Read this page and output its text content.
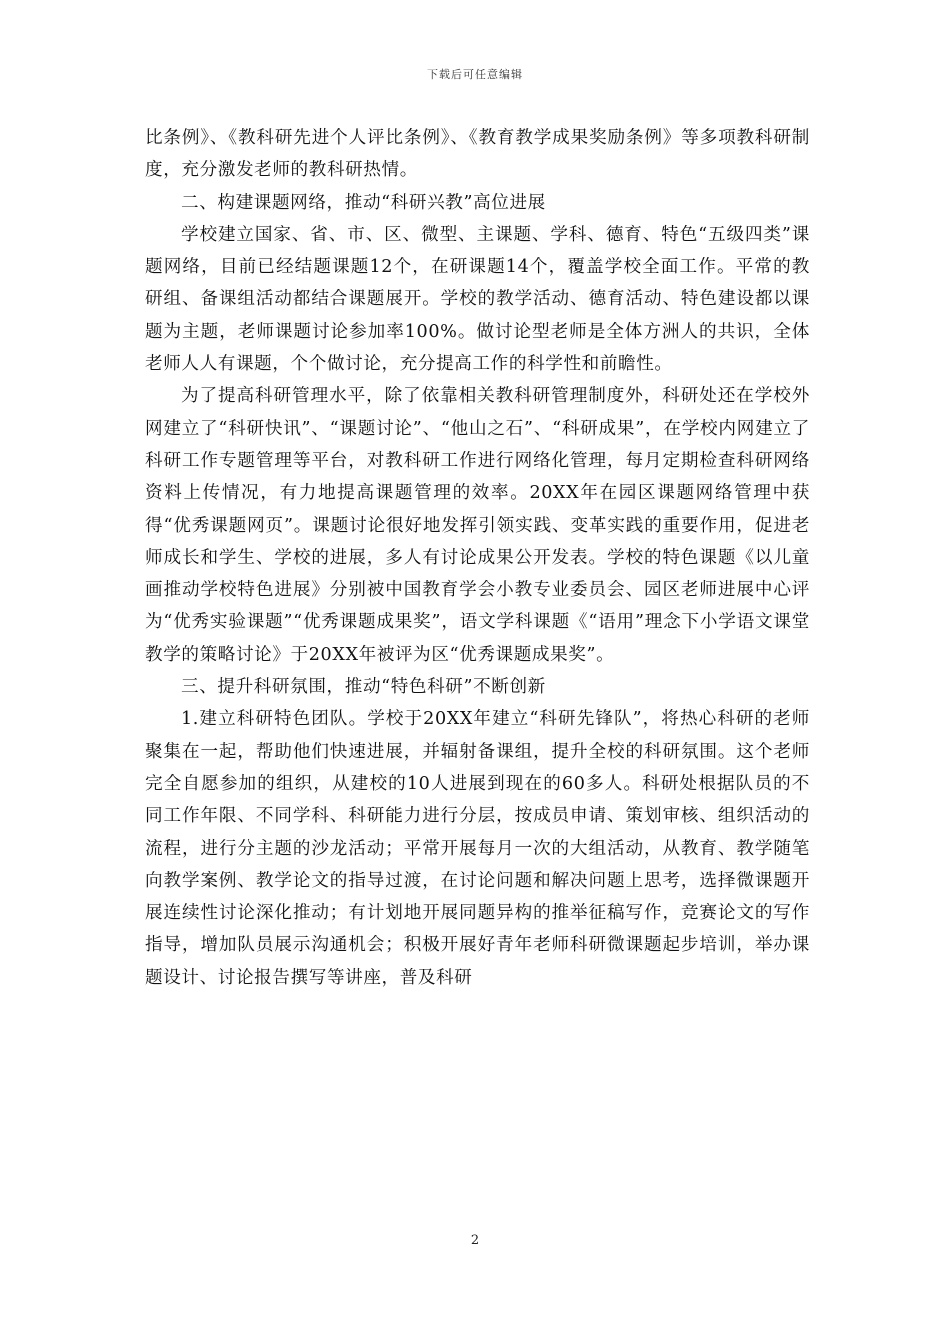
下载后可任意编辑

比条例》、《教科研先进个人评比条例》、《教育教学成果奖励条例》等多项教科研制度，充分激发老师的教科研热情。

二、构建课题网络，推动“科研兴教”高位进展

学校建立国家、省、市、区、微型、主课题、学科、德育、特色“五级四类”课题网络，目前已经结题课题12个，在研课题14个，覆盖学校全面工作。平常的教研组、备课组活动都结合课题展开。学校的教学活动、德育活动、特色建设都以课题为主题，老师课题讨论参加率100%。做讨论型老师是全体方洲人的共识，全体老师人人有课题，个个做讨论，充分提高工作的科学性和前瞻性。

为了提高科研管理水平，除了依靠相关教科研管理制度外，科研处还在学校外网建立了“科研快讯”、“课题讨论”、“他山之石”、“科研成果”，在学校内网建立了科研工作专题管理等平台，对教科研工作进行网络化管理，每月定期检查科研网络资料上传情况，有力地提高课题管理的效率。20XX年在园区课题网络管理中获得“优秀课题网页”。课题讨论很好地发挥引领实践、变革实践的重要作用，促进老师成长和学生、学校的进展，多人有讨论成果公开发表。学校的特色课题《以儿童画推动学校特色进展》分别被中国教育学会小教专业委员会、园区老师进展中心评为“优秀实验课题”“优秀课题成果奖”，语文学科课题《“语用”理念下小学语文课堂教学的策略讨论》于20XX年被评为区“优秀课题成果奖”。

三、提升科研氛围，推动“特色科研”不断创新

1.建立科研特色团队。学校于20XX年建立“科研先锋队”，将热心科研的老师聚集在一起，帮助他们快速进展，并辐射备课组，提升全校的科研氛围。这个老师完全自愿参加的组织，从建校的10人进展到现在的60多人。科研处根据队员的不同工作年限、不同学科、科研能力进行分层，按成员申请、策划审核、组织活动的流程，进行分主题的沙龙活动；平常开展每月一次的大组活动，从教育、教学随笔向教学案例、教学论文的指导过渡，在讨论问题和解决问题上思考，选择微课题开展连续性讨论深化推动；有计划地开展同题异构的推举征稿写作，竞赛论文的写作指导，增加队员展示沟通机会；积极开展好青年老师科研微课题起步培训，举办课题设计、讨论报告撰写等讲座，普及科研

2
